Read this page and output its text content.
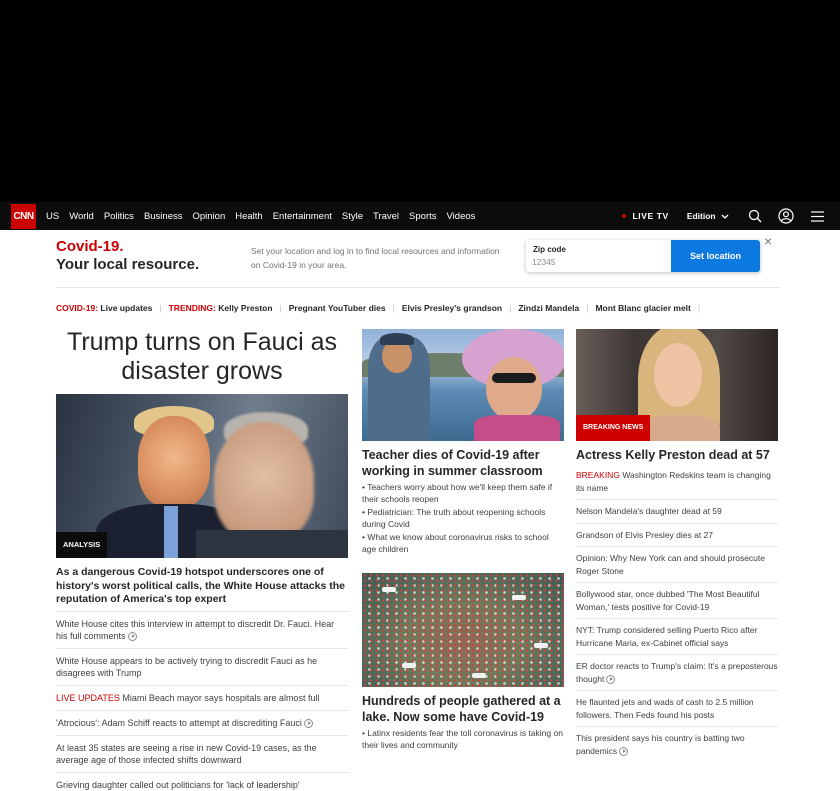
CNN US World Politics Business Opinion Health Entertainment Style Travel Sports Videos	LIVE TV Edition
Covid-19.
Your local resource.
Set your location and log in to find local resources and information on Covid-19 in your area.
Zip code
12345
Set location
×
COVID-19:
Live updates | TRENDING:
Kelly Preston | Pregnant YouTuber dies | Elvis Presley's grandson | Zindzi Mandela | Mont Blanc glacier melt |
Trump turns on Fauci as disaster grows
ANALYSIS
As a dangerous Covid-19 hotspot underscores one of history's worst political calls, the White House attacks the reputation of America's top expert
White House cites this interview in attempt to discredit Dr. Fauci. Hear his full comments
White House appears to be actively trying to discredit Fauci as he disagrees with Trump
LIVE UPDATES Miami Beach mayor says hospitals are almost full
'Atrocious': Adam Schiff reacts to attempt at discrediting Fauci
At least 35 states are seeing a rise in new Covid-19 cases, as the average age of those infected shifts downward
Grieving daughter called out politicians for 'lack of leadership'
Teacher dies of Covid-19 after working in summer classroom
• Teachers worry about how we'll keep them safe if their schools reopen
• Pediatrician: The truth about reopening schools during Covid
• What we know about coronavirus risks to school age children
Hundreds of people gathered at a lake. Now some have Covid-19
• Latinx residents fear the toll coronavirus is taking on their lives and community
BREAKING NEWS
Actress Kelly Preston dead at 57
BREAKING Washington Redskins team is changing its name
Nelson Mandela's daughter dead at 59
Grandson of Elvis Presley dies at 27
Opinion: Why New York can and should prosecute Roger Stone
Bollywood star, once dubbed 'The Most Beautiful Woman,' tests positive for Covid-19
NYT: Trump considered selling Puerto Rico after Hurricane Maria, ex-Cabinet official says
ER doctor reacts to Trump's claim: It's a preposterous thought
He flaunted jets and wads of cash to 2.5 million followers. Then Feds found his posts
This president says his country is batting two pandemics
